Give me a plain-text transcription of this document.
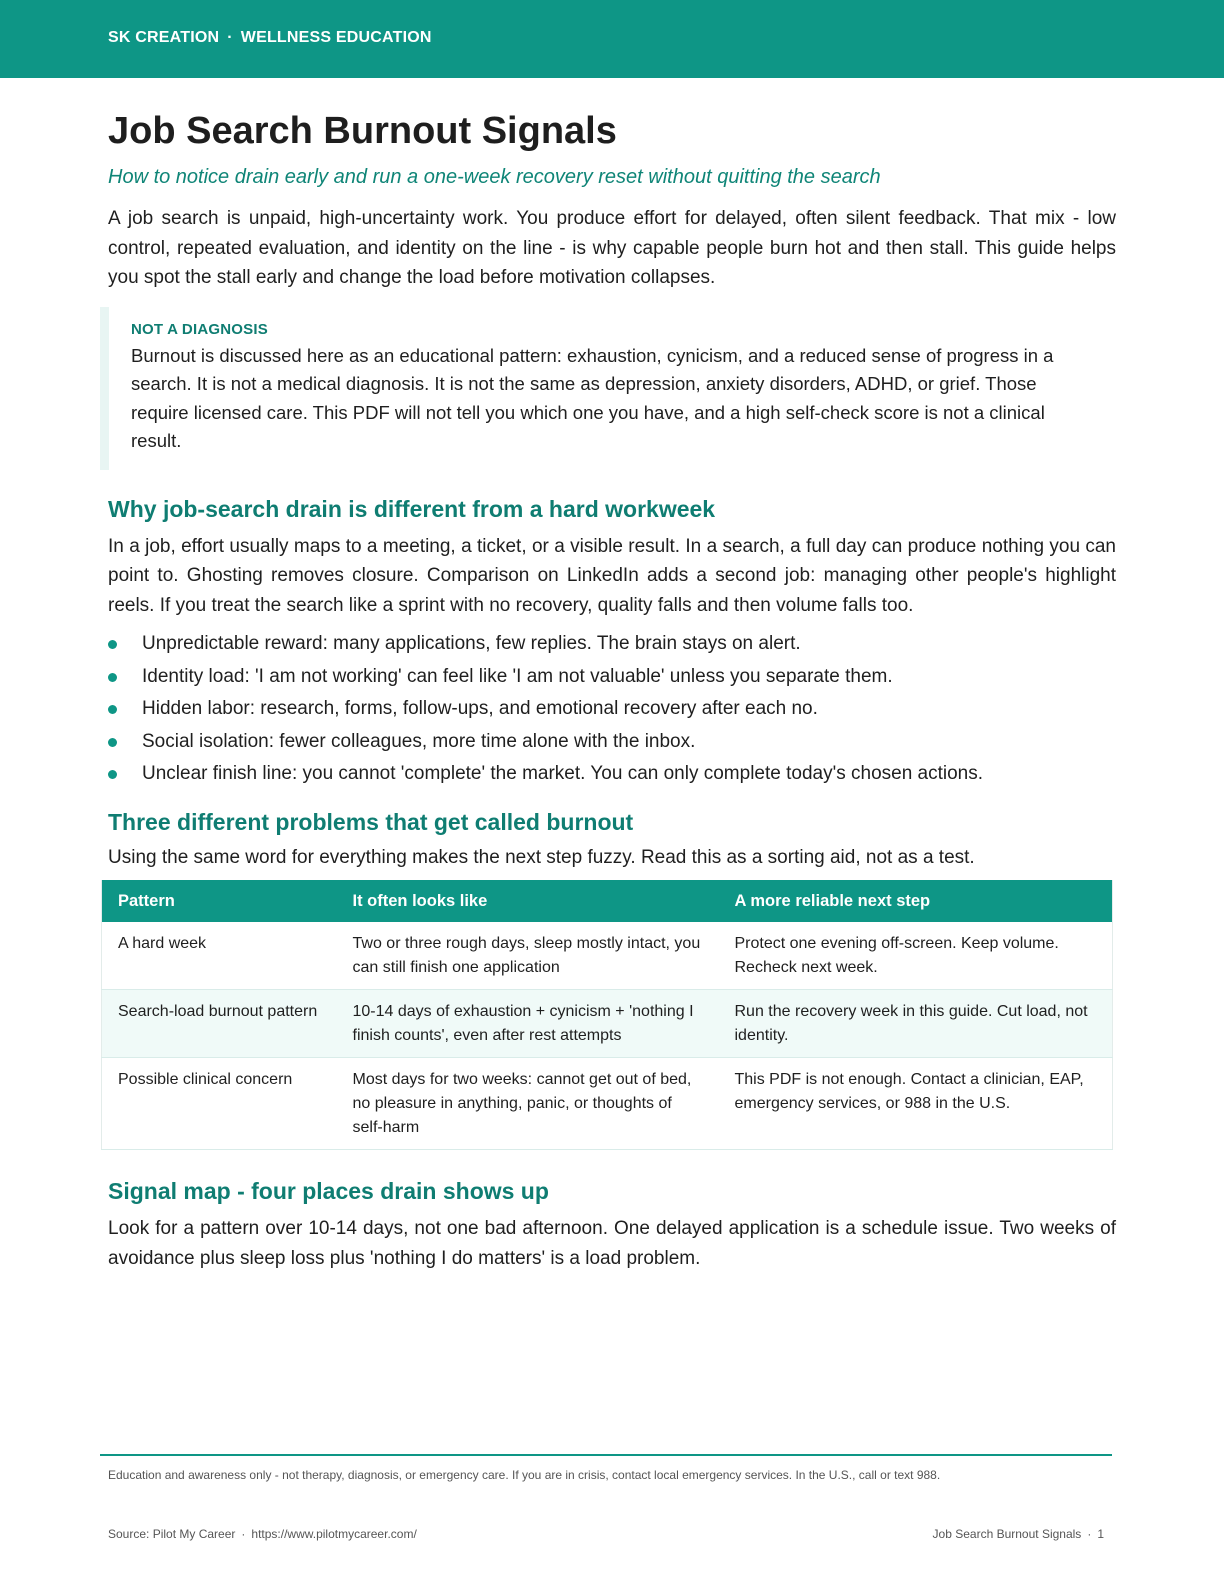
SK CREATION · WELLNESS EDUCATION
Job Search Burnout Signals
How to notice drain early and run a one-week recovery reset without quitting the search

A job search is unpaid, high-uncertainty work. You produce effort for delayed, often silent feedback. That mix - low control, repeated evaluation, and identity on the line - is why capable people burn hot and then stall. This guide helps you spot the stall early and change the load before motivation collapses.

NOT A DIAGNOSIS

Burnout is discussed here as an educational pattern: exhaustion, cynicism, and a reduced sense of progress in a search. It is not a medical diagnosis. It is not the same as depression, anxiety disorders, ADHD, or grief. Those require licensed care. This PDF will not tell you which one you have, and a high self-check score is not a clinical result.

Why job-search drain is different from a hard workweek

In a job, effort usually maps to a meeting, a ticket, or a visible result. In a search, a full day can produce nothing you can point to. Ghosting removes closure. Comparison on LinkedIn adds a second job: managing other people's highlight reels. If you treat the search like a sprint with no recovery, quality falls and then volume falls too.

Unpredictable reward: many applications, few replies. The brain stays on alert.
Identity load: 'I am not working' can feel like 'I am not valuable' unless you separate them.
Hidden labor: research, forms, follow-ups, and emotional recovery after each no.
Social isolation: fewer colleagues, more time alone with the inbox.
Unclear finish line: you cannot 'complete' the market. You can only complete today's chosen actions.
Three different problems that get called burnout

Using the same word for everything makes the next step fuzzy. Read this as a sorting aid, not as a test.

Pattern	It often looks like	A more reliable next step
A hard week	Two or three rough days, sleep mostly intact, you can still finish one application	Protect one evening off-screen. Keep volume. Recheck next week.
Search-load burnout pattern	10-14 days of exhaustion + cynicism + 'nothing I finish counts', even after rest attempts	Run the recovery week in this guide. Cut load, not identity.
Possible clinical concern	Most days for two weeks: cannot get out of bed, no pleasure in anything, panic, or thoughts of self-harm	This PDF is not enough. Contact a clinician, EAP, emergency services, or 988 in the U.S.
Signal map - four places drain shows up

Look for a pattern over 10-14 days, not one bad afternoon. One delayed application is a schedule issue. Two weeks of avoidance plus sleep loss plus 'nothing I do matters' is a load problem.

Education and awareness only - not therapy, diagnosis, or emergency care. If you are in crisis, contact local emergency services. In the U.S., call or text 988.
Source: Pilot My Career · https://www.pilotmycareer.com/	Job Search Burnout Signals · 1
